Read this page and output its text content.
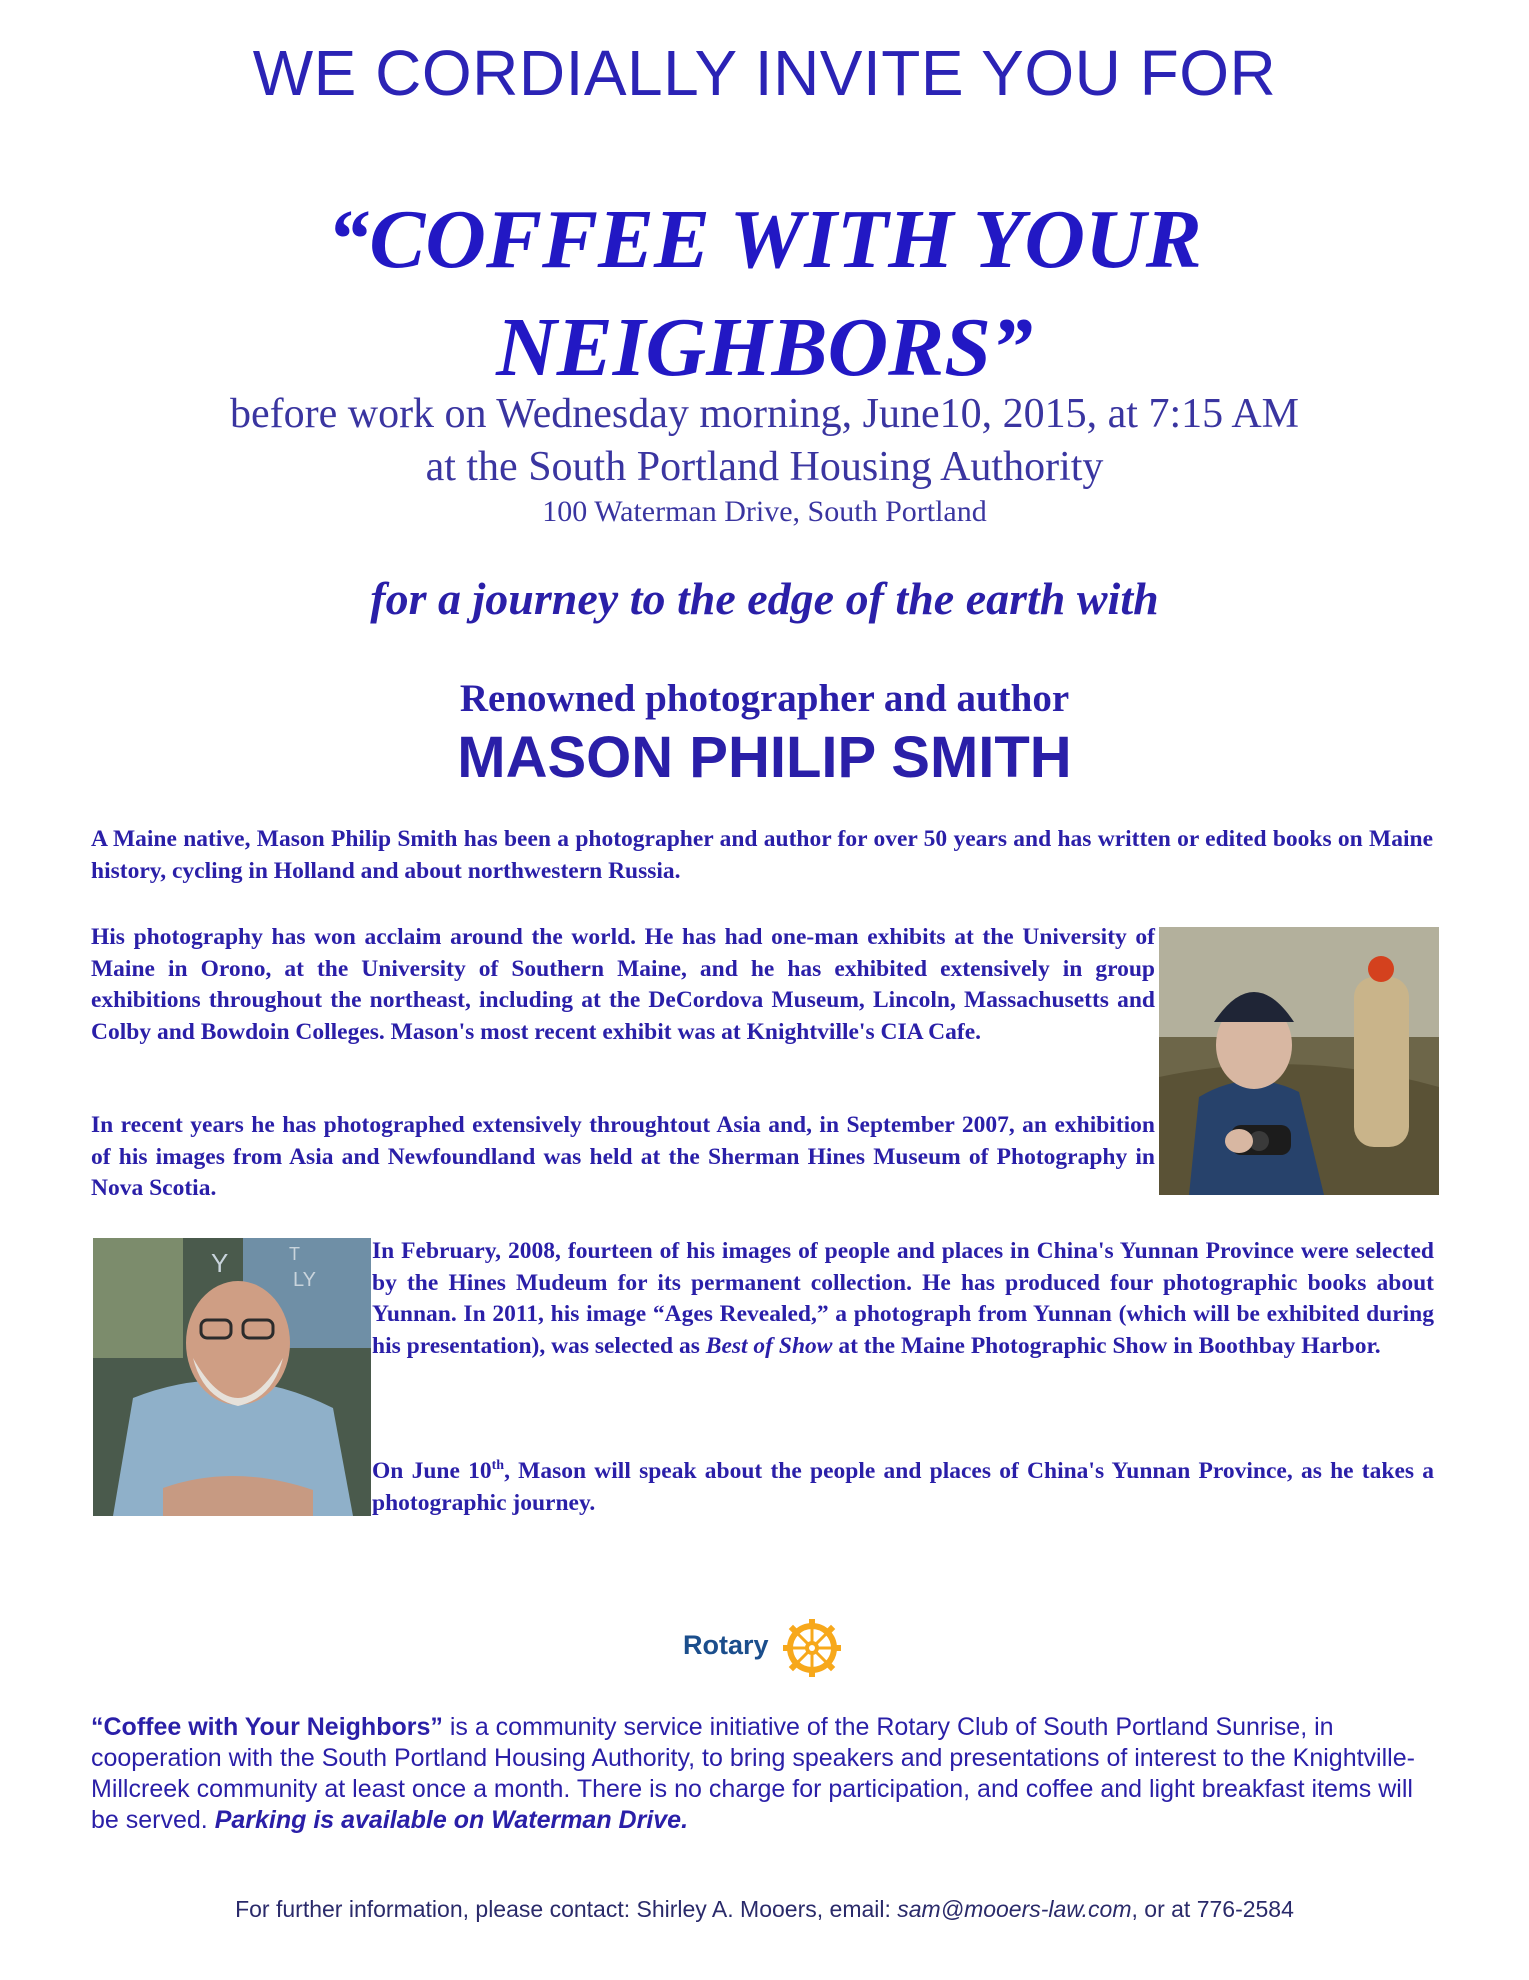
WE CORDIALLY INVITE YOU FOR
“COFFEE WITH YOUR
NEIGHBORS”
before work on Wednesday morning, June10, 2015, at 7:15 AM
at the South Portland Housing Authority
100 Waterman Drive, South Portland
for a journey to the edge of the earth with
Renowned photographer and author
MASON PHILIP SMITH

A Maine native, Mason Philip Smith has been a photographer and author for over 50 years and has written or edited books on Maine history, cycling in Holland and about northwestern Russia.

His photography has won acclaim around the world. He has had one-man exhibits at the University of Maine in Orono, at the University of Southern Maine, and he has exhibited extensively in group exhibitions throughout the northeast, including at the DeCordova Museum, Lincoln, Massachusetts and Colby and Bowdoin Colleges. Mason's most recent exhibit was at Knightville's CIA Cafe.

In recent years he has photographed extensively throughtout Asia and, in September 2007, an exhibition of his images from Asia and Newfoundland was held at the Sherman Hines Museum of Photography in Nova Scotia.

Y	T
LY

In February, 2008, fourteen of his images of people and places in China's Yunnan Province were selected by the Hines Mudeum for its permanent collection. He has produced four photographic books about Yunnan. In 2011, his image “Ages Revealed,” a photograph from Yunnan (which will be exhibited during his presentation), was selected as Best of Show at the Maine Photographic Show in Boothbay Harbor.

On June 10th, Mason will speak about the people and places of China's Yunnan Province, as he takes a photographic journey.

Rotary

“Coffee with Your Neighbors” is a community service initiative of the Rotary Club of South Portland Sunrise, in cooperation with the South Portland Housing Authority, to bring speakers and presentations of interest to the Knightville-Millcreek community at least once a month. There is no charge for participation, and coffee and light breakfast items will be served. Parking is available on Waterman Drive.

For further information, please contact: Shirley A. Mooers, email: sam@mooers-law.com, or at 776-2584
